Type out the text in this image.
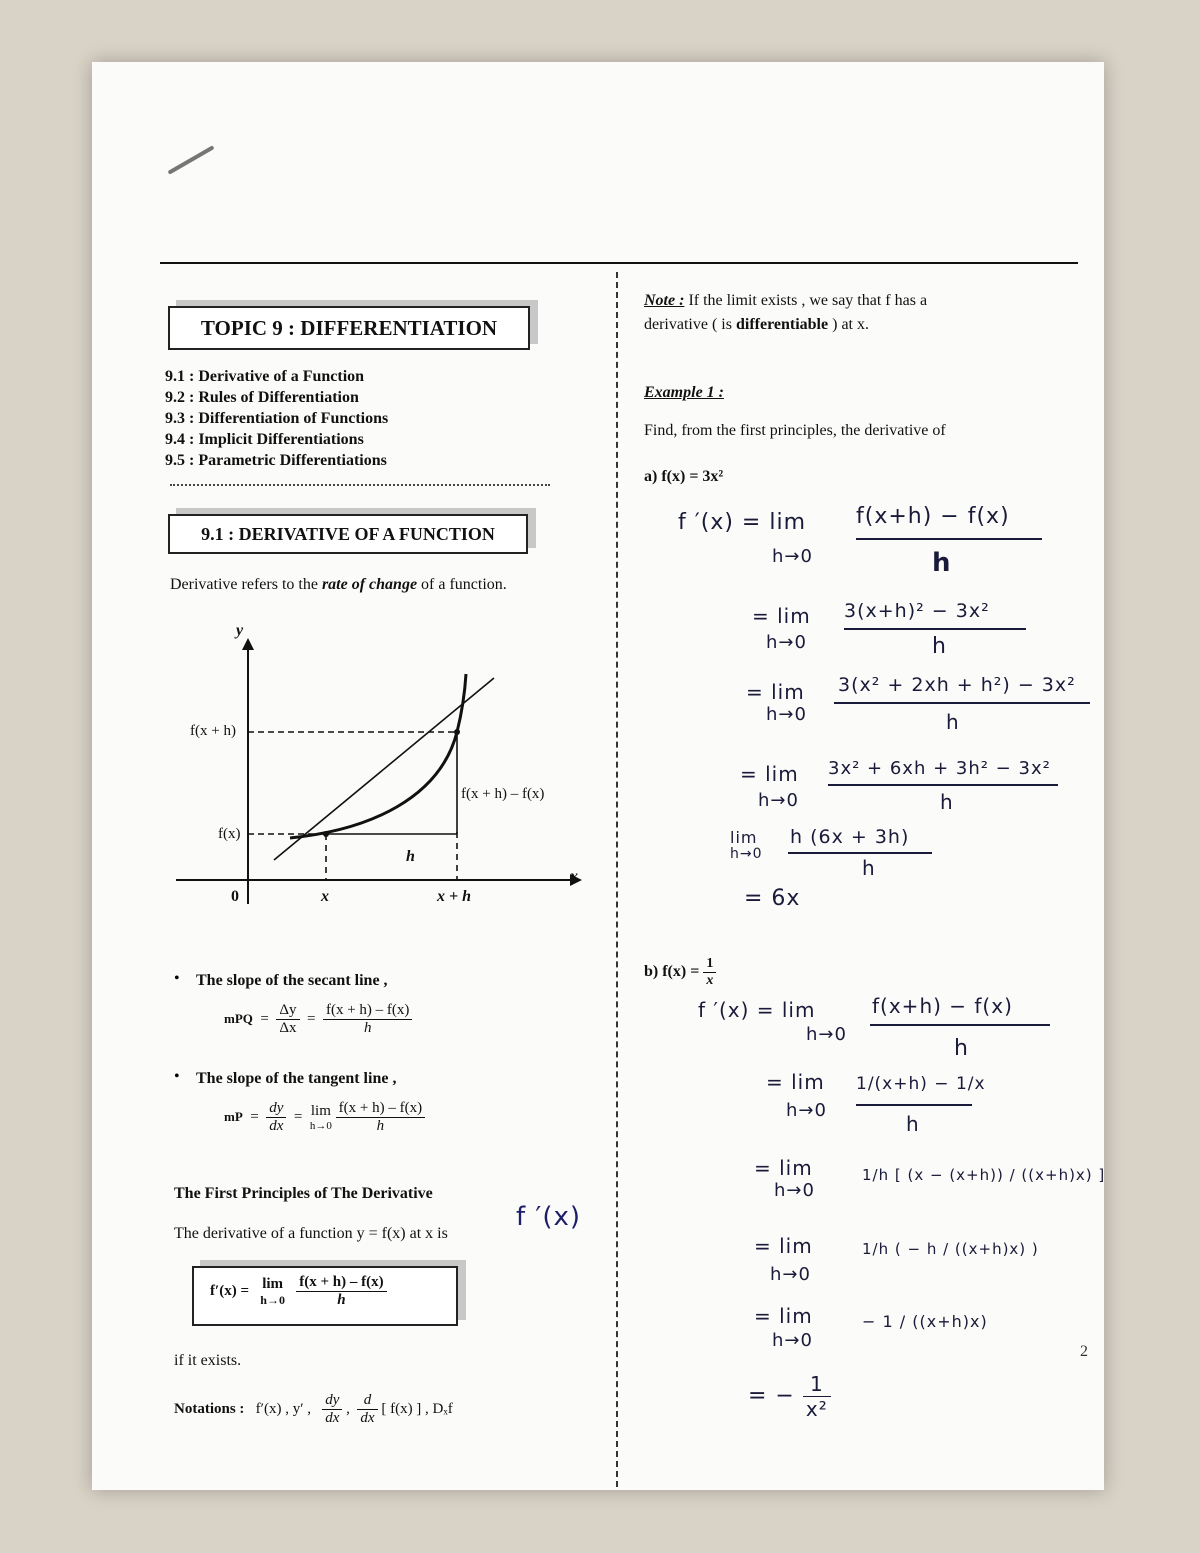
TOPIC 9 : DIFFERENTIATION
9.1 : Derivative of a Function
9.2 : Rules of Differentiation
9.3 : Differentiation of Functions
9.4 : Implicit Differentiations
9.5 : Parametric Differentiations
9.1 : DERIVATIVE OF A FUNCTION
Derivative refers to the rate of change of a function.
y
x
0	x	x + h
f(x + h)
f(x)
f(x + h) – f(x)
h
• The slope of the secant line ,
mPQ  = $\frac{\Delta y}{\Delta x} = \frac{f(x + h) - f(x)}{h}$
• The slope of the tangent line ,
mP  = $\frac{dy}{dx} = \lim$
h→0
$\frac{f(x + h) - f(x)}{h}$
The First Principles of The Derivative
The derivative of a function y = f(x) at x is
f ′(x)
f′(x) = lim
h→0
$\frac{f(x + h) - f(x)}{h}$
if it exists.
Notations : f′(x) , y′ , $\frac{dy}{dx}$ , $\frac{d}{dx}$ [ f(x) ] , Dₓf
Note : If the limit exists , we say that f has a
derivative ( is differentiable ) at x.
Example 1 :
Find, from the first principles, the derivative of
a) f(x) = 3x²
f ′(x) = lim
h→0
f(x+h) − f(x)
h
= lim
h→0
3(x+h)² − 3x²
h
= lim
h→0
3(x² + 2xh + h²) − 3x²
h
= lim
h→0
3x² + 6xh + 3h² − 3x²
h
lim
h→0
h (6x + 3h)
h
= 6x
b) $f(x) = \frac{1}{x}$
f ′(x) = lim
h→0
f(x+h) − f(x)
h
= lim
h→0
1/(x+h) − 1/x
h
= lim
h→0
1/h [ (x − (x+h)) / ((x+h)x) ]
= lim
h→0
1/h ( − h / ((x+h)x) )
= lim
h→0
− 1 / ((x+h)x)
= − $\frac{1}{\text{x²}}$
2
